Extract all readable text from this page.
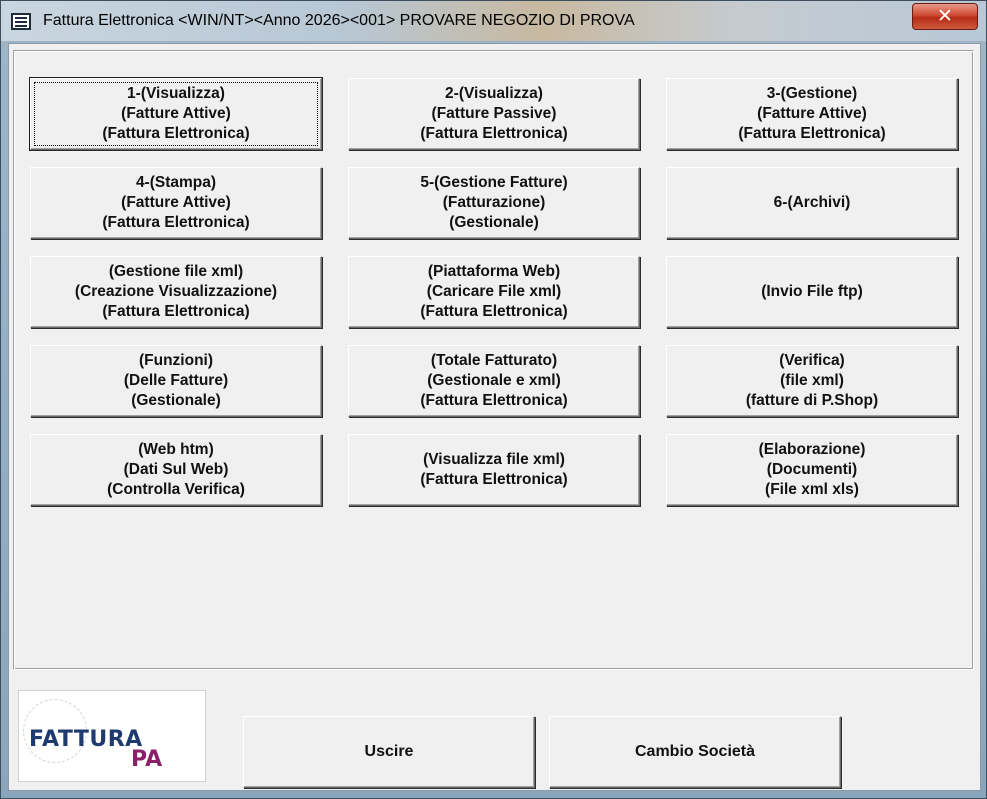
Fattura Elettronica <WIN/NT><Anno 2026><001> PROVARE NEGOZIO DI PROVA	✕
1-(Visualizza)
(Fatture Attive)
(Fattura Elettronica)
2-(Visualizza)
(Fatture Passive)
(Fattura Elettronica)
3-(Gestione)
(Fatture Attive)
(Fattura Elettronica)
4-(Stampa)
(Fatture Attive)
(Fattura Elettronica)
5-(Gestione Fatture)
(Fatturazione)
(Gestionale)
6-(Archivi)
(Gestione file xml)
(Creazione Visualizzazione)
(Fattura Elettronica)
(Piattaforma Web)
(Caricare File xml)
(Fattura Elettronica)
(Invio File ftp)
(Funzioni)
(Delle Fatture)
(Gestionale)
(Totale Fatturato)
(Gestionale e xml)
(Fattura Elettronica)
(Verifica)
(file xml)
(fatture di P.Shop)
(Web htm)
(Dati Sul Web)
(Controlla Verifica)
(Visualizza file xml)
(Fattura Elettronica)
(Elaborazione)
(Documenti)
(File xml xls)
FATTURA
PA	Uscire	Cambio Società
